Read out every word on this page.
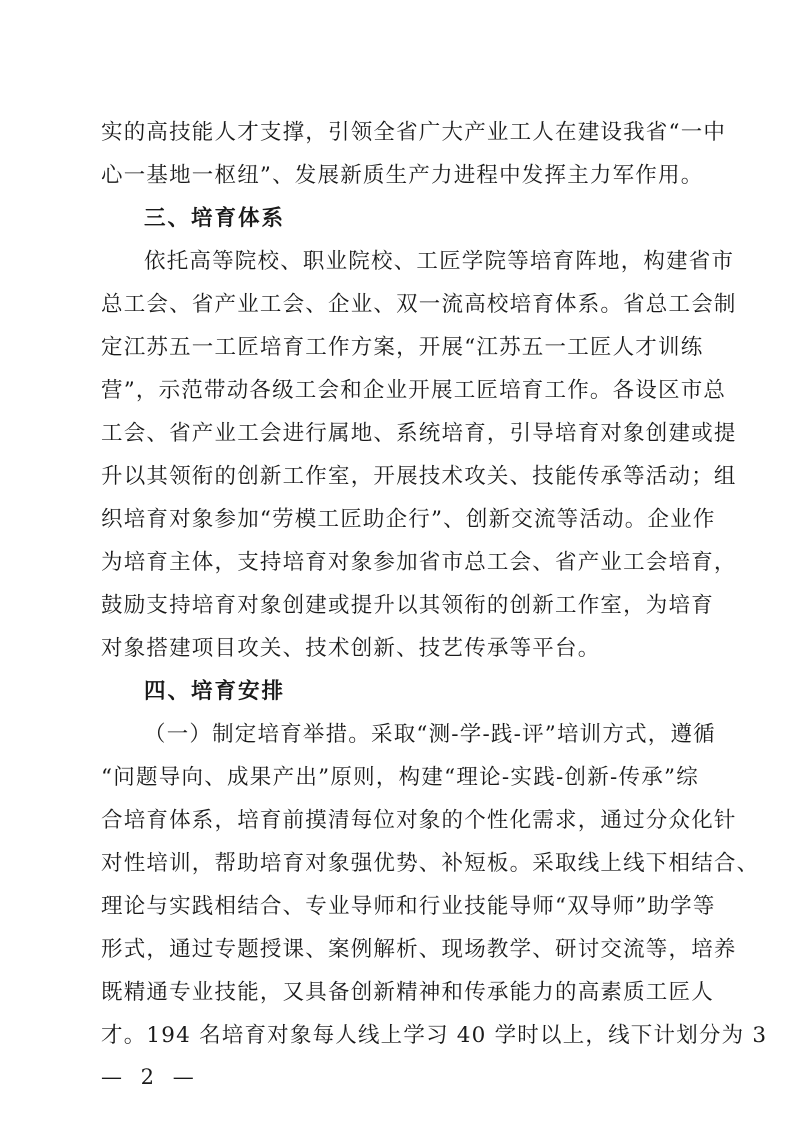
实的高技能人才支撑，引领全省广大产业工人在建设我省“一中

心一基地一枢纽”、发展新质生产力进程中发挥主力军作用。

三、培育体系

依托高等院校、职业院校、工匠学院等培育阵地，构建省市

总工会、省产业工会、企业、双一流高校培育体系。省总工会制

定江苏五一工匠培育工作方案，开展“江苏五一工匠人才训练

营”，示范带动各级工会和企业开展工匠培育工作。各设区市总

工会、省产业工会进行属地、系统培育，引导培育对象创建或提

升以其领衔的创新工作室，开展技术攻关、技能传承等活动；组

织培育对象参加“劳模工匠助企行”、创新交流等活动。企业作

为培育主体，支持培育对象参加省市总工会、省产业工会培育，

鼓励支持培育对象创建或提升以其领衔的创新工作室，为培育

对象搭建项目攻关、技术创新、技艺传承等平台。

四、培育安排

（一）制定培育举措。采取“测-学-践-评”培训方式，遵循

“问题导向、成果产出”原则，构建“理论-实践-创新-传承”综

合培育体系，培育前摸清每位对象的个性化需求，通过分众化针

对性培训，帮助培育对象强优势、补短板。采取线上线下相结合、

理论与实践相结合、专业导师和行业技能导师“双导师”助学等

形式，通过专题授课、案例解析、现场教学、研讨交流等，培养

既精通专业技能，又具备创新精神和传承能力的高素质工匠人

才。194 名培育对象每人线上学习 40 学时以上，线下计划分为 3

— 2 —
